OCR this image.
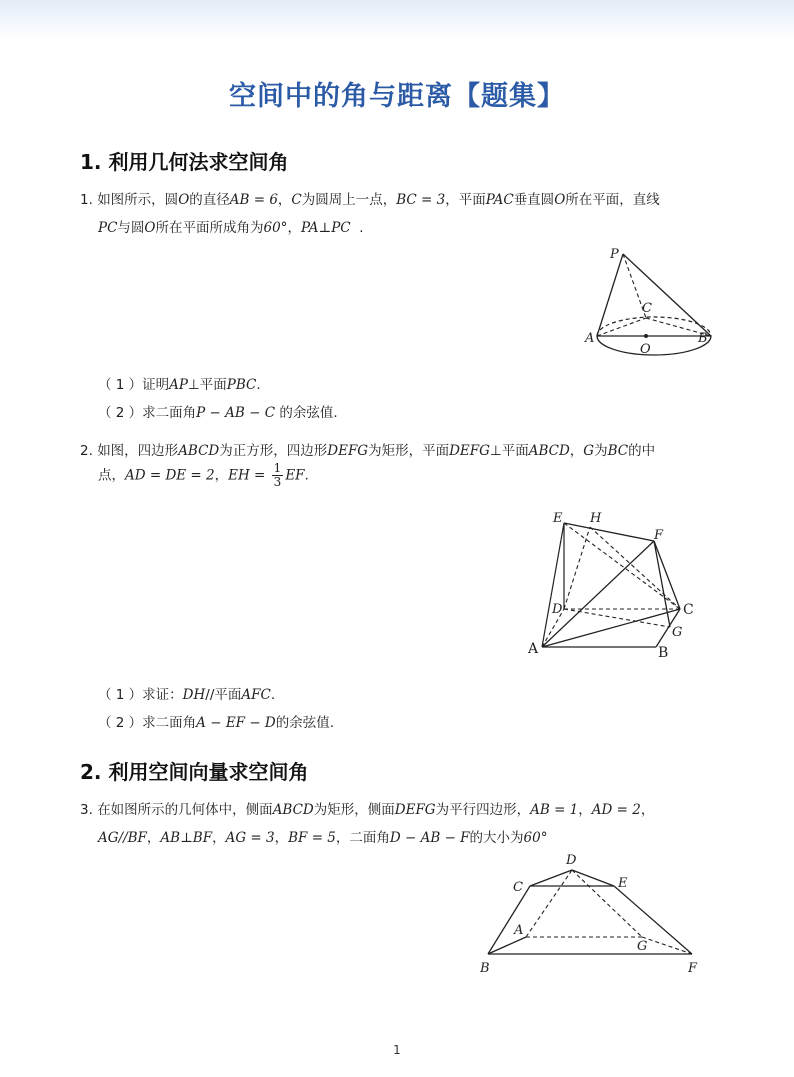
空间中的角与距离【题集】
1. 利用几何法求空间角
1. 如图所示，圆O的直径AB = 6，C为圆周上一点，BC = 3，平面PAC垂直圆O所在平面，直线
PC与圆O所在平面所成角为60°，PA⊥PC .
P
C
A
O
B
（ 1 ）证明AP⊥平面PBC.
（ 2 ）求二面角P − AB − C 的余弦值.
2. 如图，四边形ABCD为正方形，四边形DEFG为矩形，平面DEFG⊥平面ABCD，G为BC的中
点，AD = DE = 2，EH = $\frac{1}{3}$ EF.
E H
F
D	C
G
A	B
（ 1 ）求证：DH//平面AFC.
（ 2 ）求二面角A − EF − D的余弦值.
2. 利用空间向量求空间角
3. 在如图所示的几何体中，侧面ABCD为矩形，侧面DEFG为平行四边形，AB = 1，AD = 2，
AG//BF，AB⊥BF，AG = 3，BF = 5，二面角D − AB − F的大小为60°
D
C	E
A
G
B	F
1
